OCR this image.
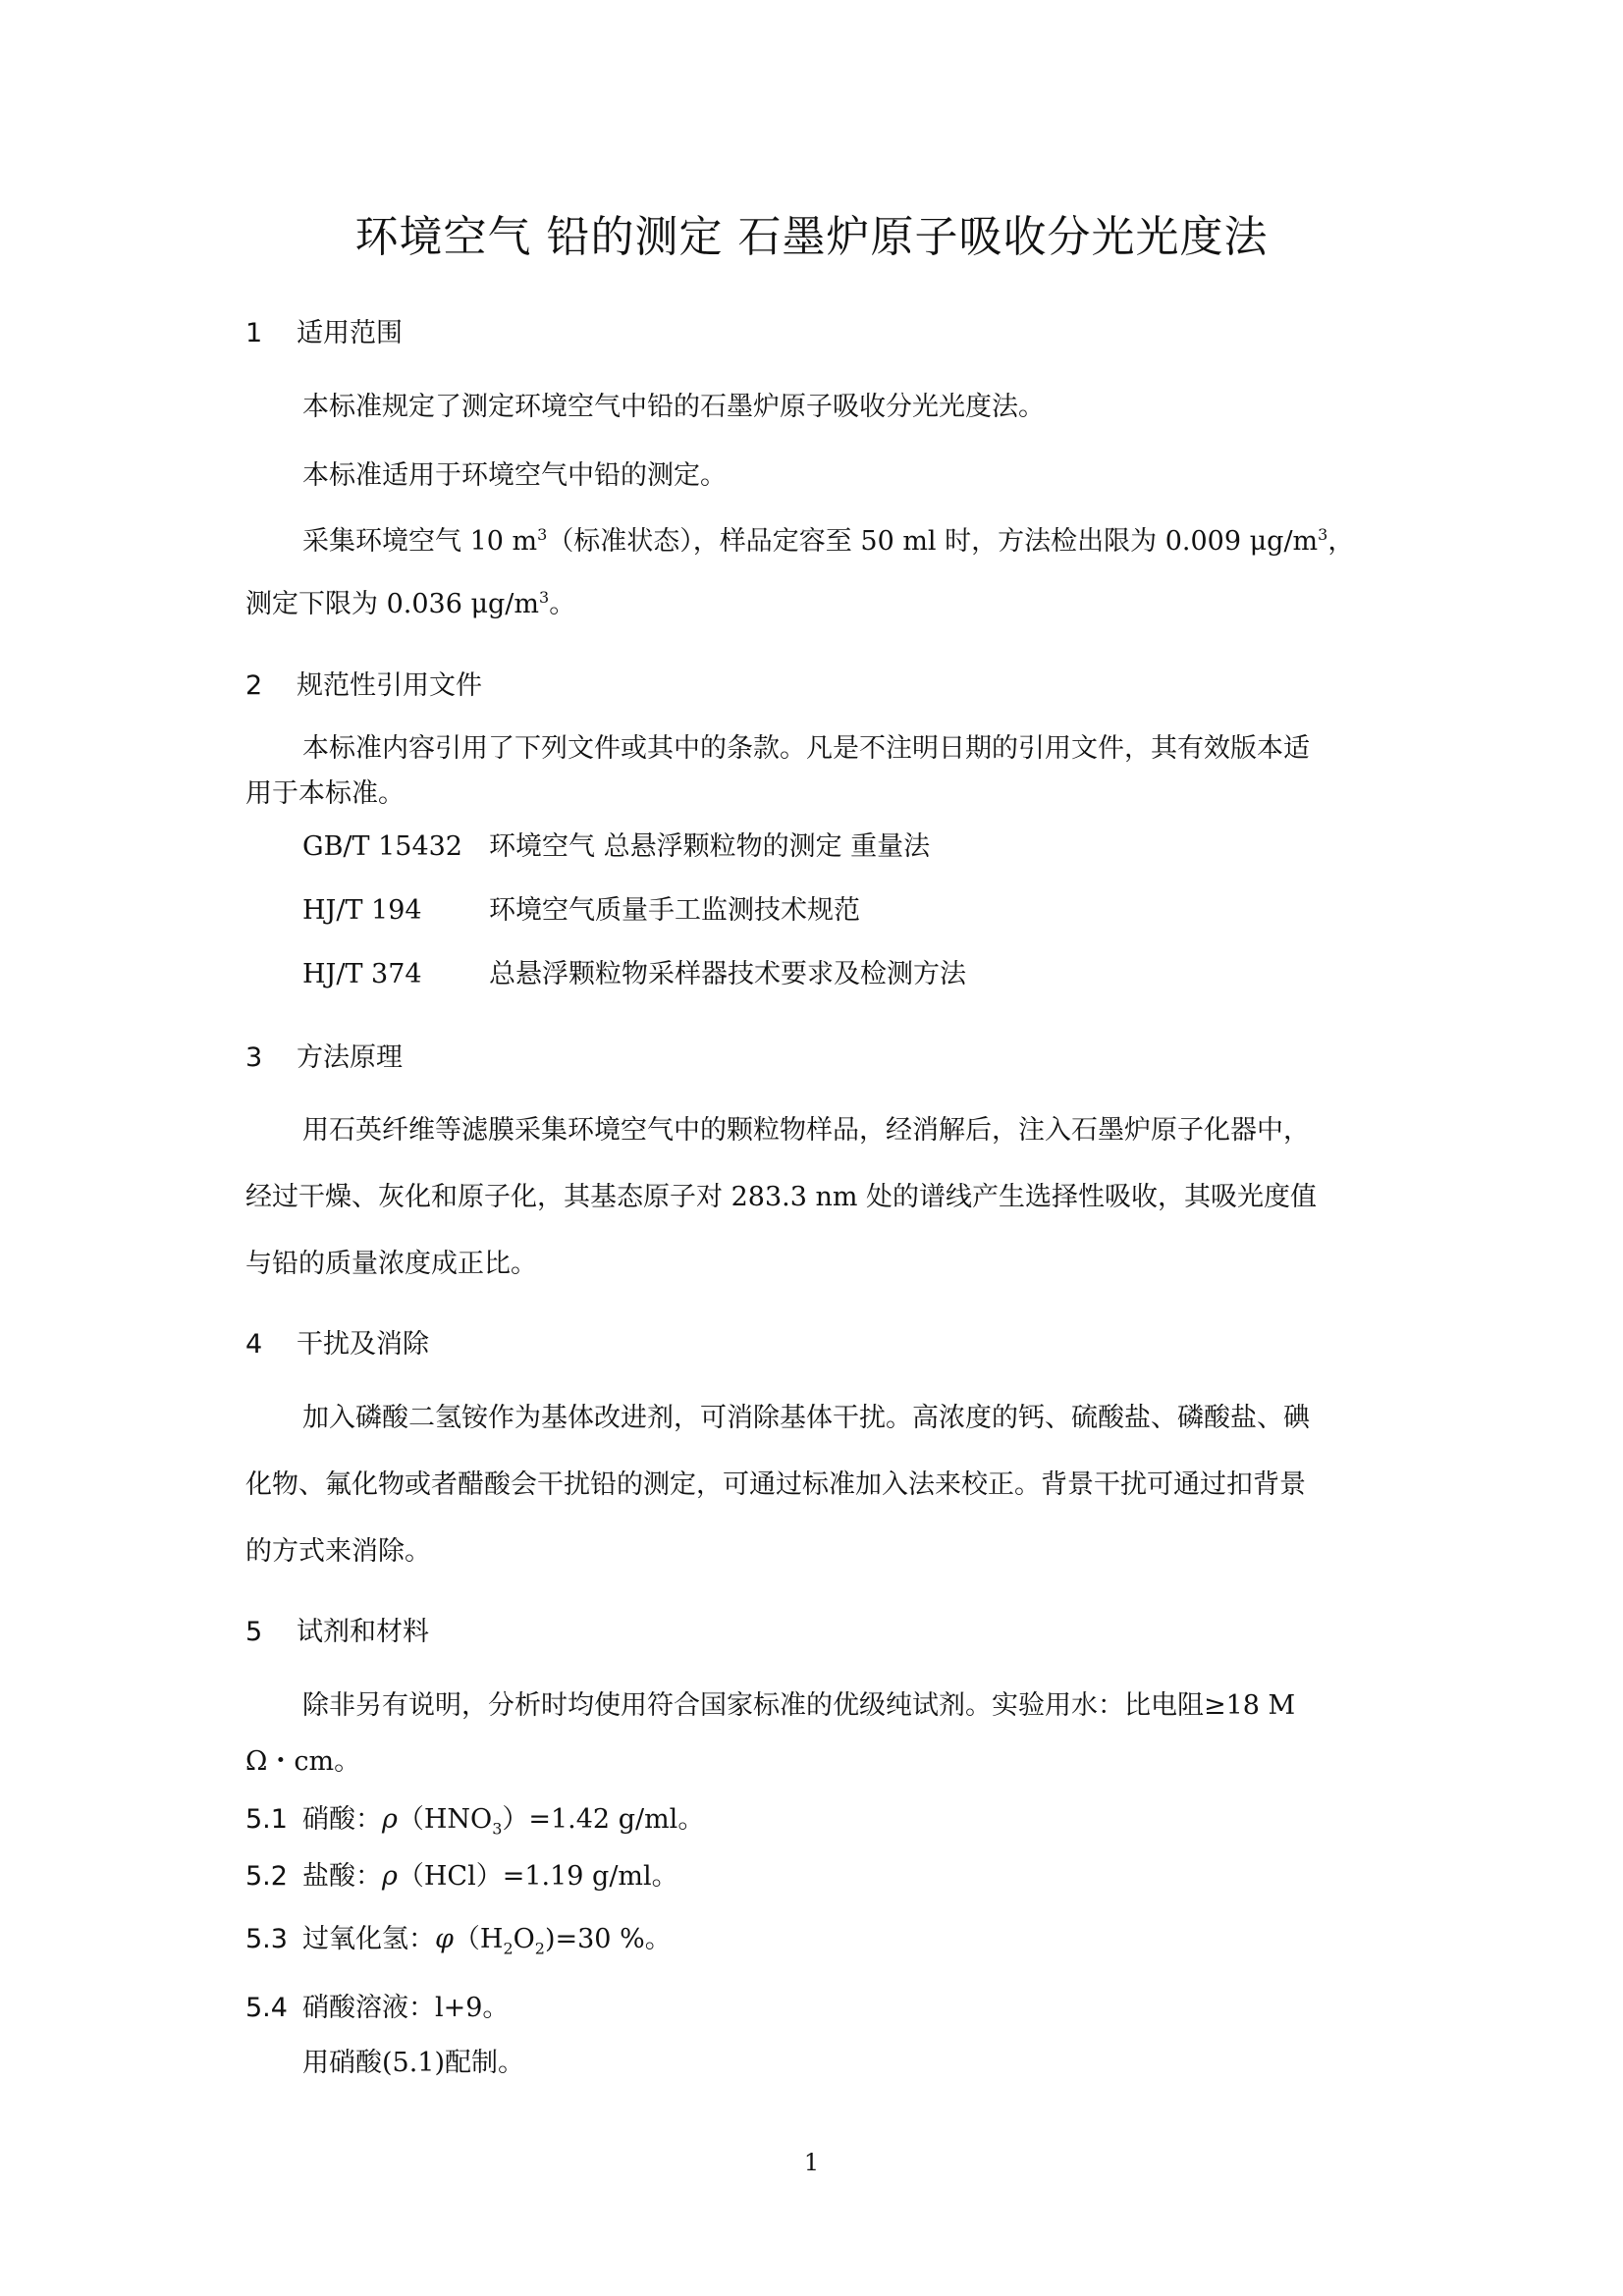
环境空气 铅的测定 石墨炉原子吸收分光光度法
1 适用范围
本标准规定了测定环境空气中铅的石墨炉原子吸收分光光度法。
本标准适用于环境空气中铅的测定。
采集环境空气 10 $m^3$（标准状态），样品定容至 50 ml 时，方法检出限为 0.009 $\mu g/m^3$，
测定下限为 0.036 $\mu g/m^3$。
2 规范性引用文件
本标准内容引用了下列文件或其中的条款。凡是不注明日期的引用文件，其有效版本适
用于本标准。
GB/T 15432 环境空气 总悬浮颗粒物的测定 重量法
HJ/T 194	环境空气质量手工监测技术规范
HJ/T 374	总悬浮颗粒物采样器技术要求及检测方法
3 方法原理
用石英纤维等滤膜采集环境空气中的颗粒物样品，经消解后，注入石墨炉原子化器中，
经过干燥、灰化和原子化，其基态原子对 283.3 nm 处的谱线产生选择性吸收，其吸光度值
与铅的质量浓度成正比。
4 干扰及消除
加入磷酸二氢铵作为基体改进剂，可消除基体干扰。高浓度的钙、硫酸盐、磷酸盐、碘
化物、氟化物或者醋酸会干扰铅的测定，可通过标准加入法来校正。背景干扰可通过扣背景
的方式来消除。
5 试剂和材料
除非另有说明，分析时均使用符合国家标准的优级纯试剂。实验用水：比电阻≥18 M
Ω・cm。
5.1 硝酸：$\rho(HNO_3)=1.42$ g/ml。
5.2 盐酸：ρ（HCl）=1.19 g/ml。
5.3 过氧化氢：$\varphi(H_2O_2)=30$ %。
5.4 硝酸溶液：l+9。
用硝酸(5.1)配制。
1
